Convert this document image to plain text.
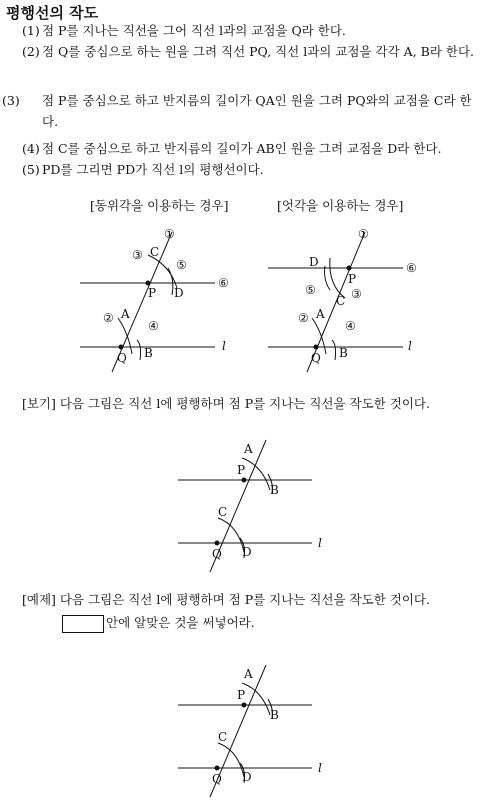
평행선의 작도
(1) 점 P를 지나는 직선을 그어 직선 l과의 교점을 Q라 한다.
(2) 점 Q를 중심으로 하는 원을 그려 직선 PQ, 직선 l과의 교점을 각각 A, B라 한다.
(3) 점 P를 중심으로 하고 반지름의 길이가 QA인 원을 그려 PQ와의 교점을 C라 한다.
(4) 점 C를 중심으로 하고 반지름의 길이가 AB인 원을 그려 교점을 D라 한다.
(5) PD를 그리면 PD가 직선 l의 평행선이다.
[동위각을 이용하는 경우]	[엇각을 이용하는 경우]
C
P D
A
Q B	l
①
②
③
④
⑤
⑥
D
P
C
A
Q B	l
①
②
③
④
⑤
⑥
A
P
B
C
Q D
l
A
P
B
C
Q D
l
[보기] 다음 그림은 직선 l에 평행하며 점 P를 지나는 직선을 작도한 것이다.
[예제] 다음 그림은 직선 l에 평행하며 점 P를 지나는 직선을 작도한 것이다.
안에 알맞은 것을 써넣어라.
